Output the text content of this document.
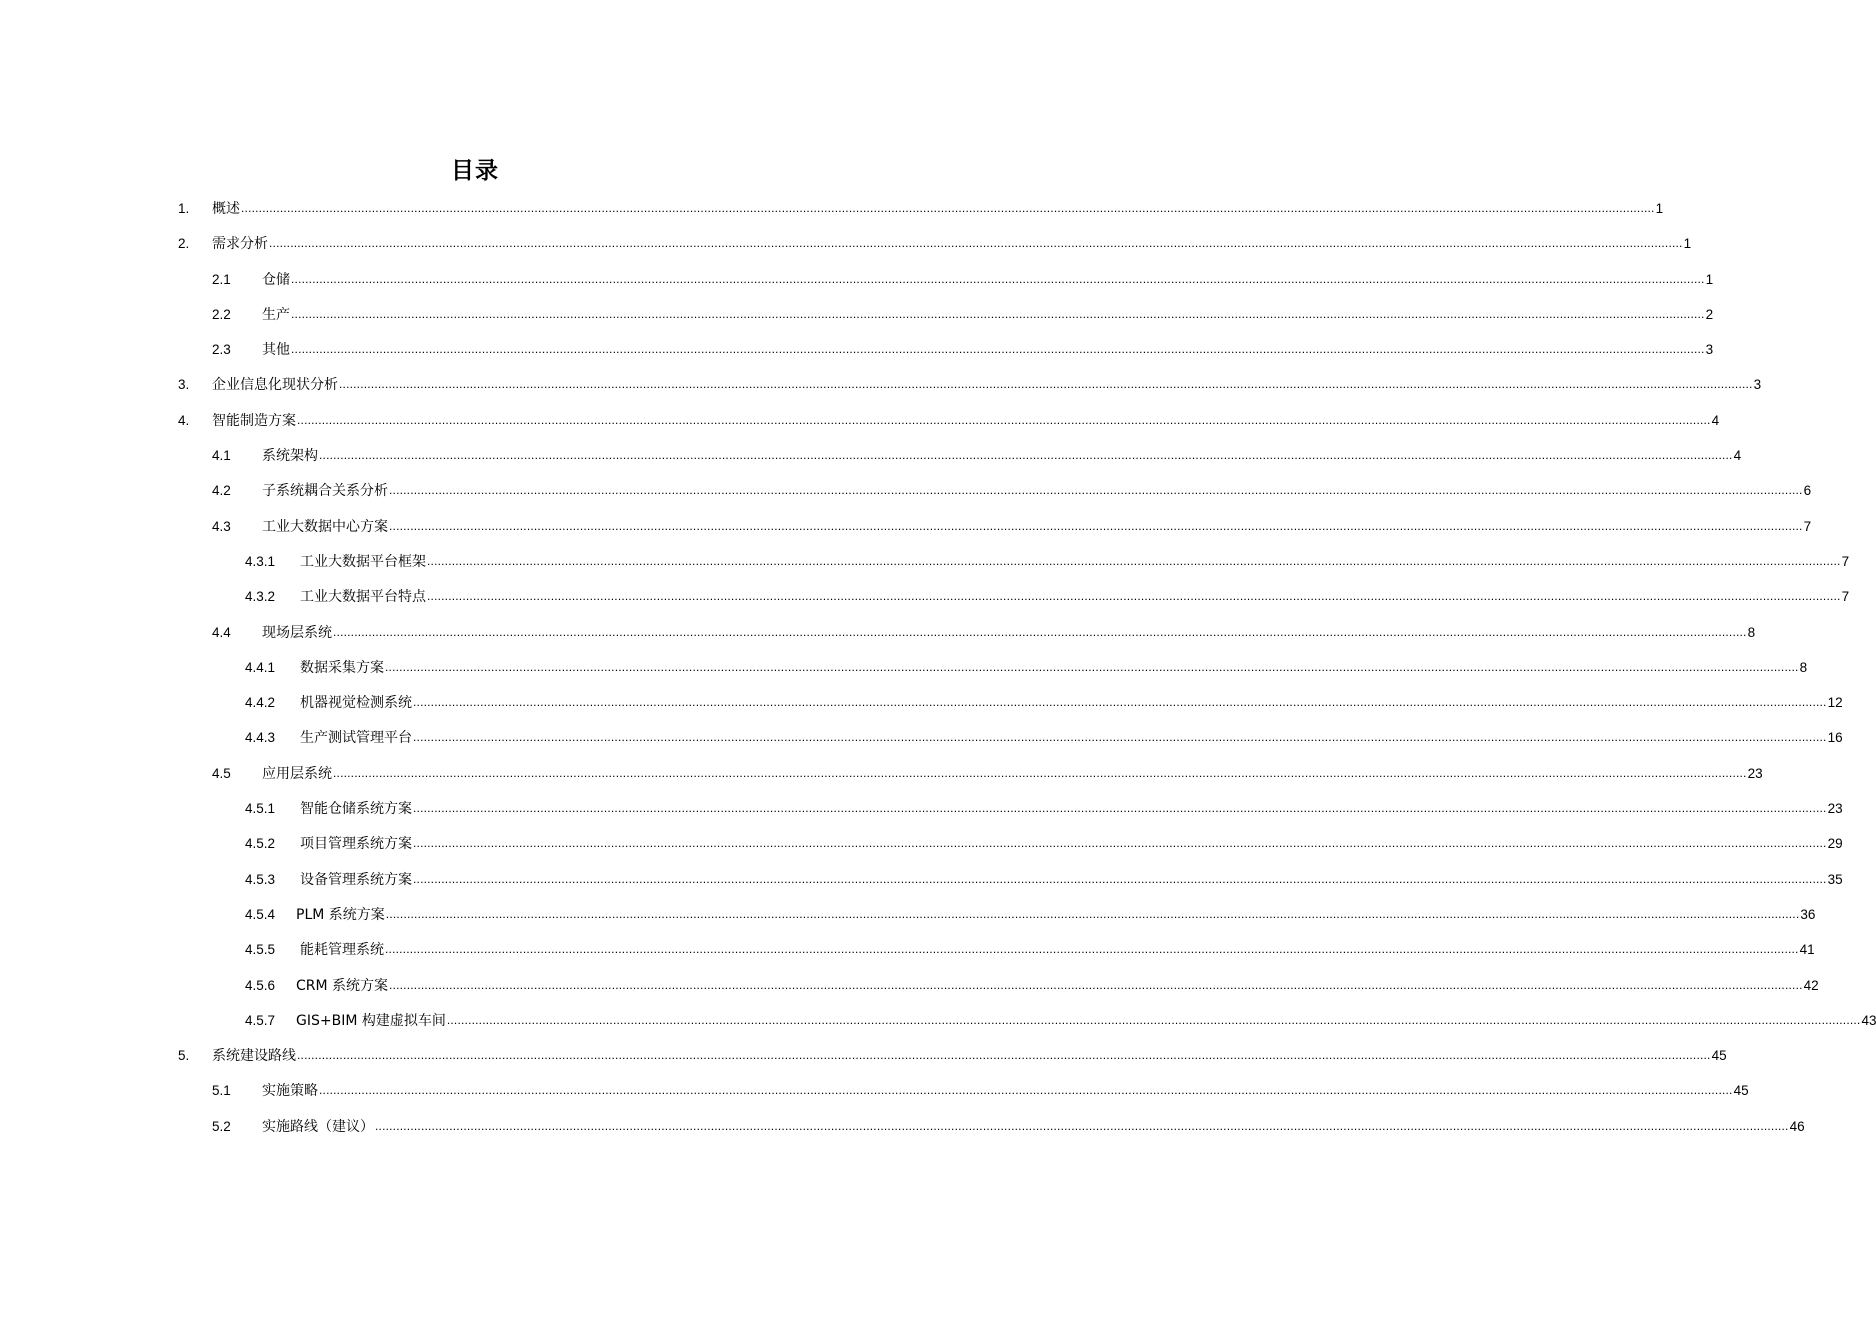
目录
1. 概述 ................................................................................................................................................................................................................................................................................................................................................................................................................ 1
2. 需求分析 ................................................................................................................................................................................................................................................................................................................................................................................................................ 1
2.1 仓储 ................................................................................................................................................................................................................................................................................................................................................................................................................ 1
2.2 生产 ................................................................................................................................................................................................................................................................................................................................................................................................................ 2
2.3 其他 ................................................................................................................................................................................................................................................................................................................................................................................................................ 3
3. 企业信息化现状分析 ................................................................................................................................................................................................................................................................................................................................................................................................................ 3
4. 智能制造方案 ................................................................................................................................................................................................................................................................................................................................................................................................................ 4
4.1 系统架构 ................................................................................................................................................................................................................................................................................................................................................................................................................ 4
4.2 子系统耦合关系分析 ................................................................................................................................................................................................................................................................................................................................................................................................................ 6
4.3 工业大数据中心方案 ................................................................................................................................................................................................................................................................................................................................................................................................................ 7
4.3.1 工业大数据平台框架 ................................................................................................................................................................................................................................................................................................................................................................................................................ 7
4.3.2 工业大数据平台特点 ................................................................................................................................................................................................................................................................................................................................................................................................................ 7
4.4 现场层系统 ................................................................................................................................................................................................................................................................................................................................................................................................................ 8
4.4.1 数据采集方案 ................................................................................................................................................................................................................................................................................................................................................................................................................ 8
4.4.2 机器视觉检测系统 ................................................................................................................................................................................................................................................................................................................................................................................................................ 12
4.4.3 生产测试管理平台 ................................................................................................................................................................................................................................................................................................................................................................................................................ 16
4.5 应用层系统 ................................................................................................................................................................................................................................................................................................................................................................................................................ 23
4.5.1 智能仓储系统方案 ................................................................................................................................................................................................................................................................................................................................................................................................................ 23
4.5.2 项目管理系统方案 ................................................................................................................................................................................................................................................................................................................................................................................................................ 29
4.5.3 设备管理系统方案 ................................................................................................................................................................................................................................................................................................................................................................................................................ 35
4.5.4 PLM 系统方案 ................................................................................................................................................................................................................................................................................................................................................................................................................ 36
4.5.5 能耗管理系统 ................................................................................................................................................................................................................................................................................................................................................................................................................ 41
4.5.6 CRM 系统方案 ................................................................................................................................................................................................................................................................................................................................................................................................................ 42
4.5.7 GIS+BIM 构建虚拟车间 ................................................................................................................................................................................................................................................................................................................................................................................................................ 43
5. 系统建设路线 ................................................................................................................................................................................................................................................................................................................................................................................................................ 45
5.1 实施策略 ................................................................................................................................................................................................................................................................................................................................................................................................................ 45
5.2 实施路线（建议） ................................................................................................................................................................................................................................................................................................................................................................................................................ 46
